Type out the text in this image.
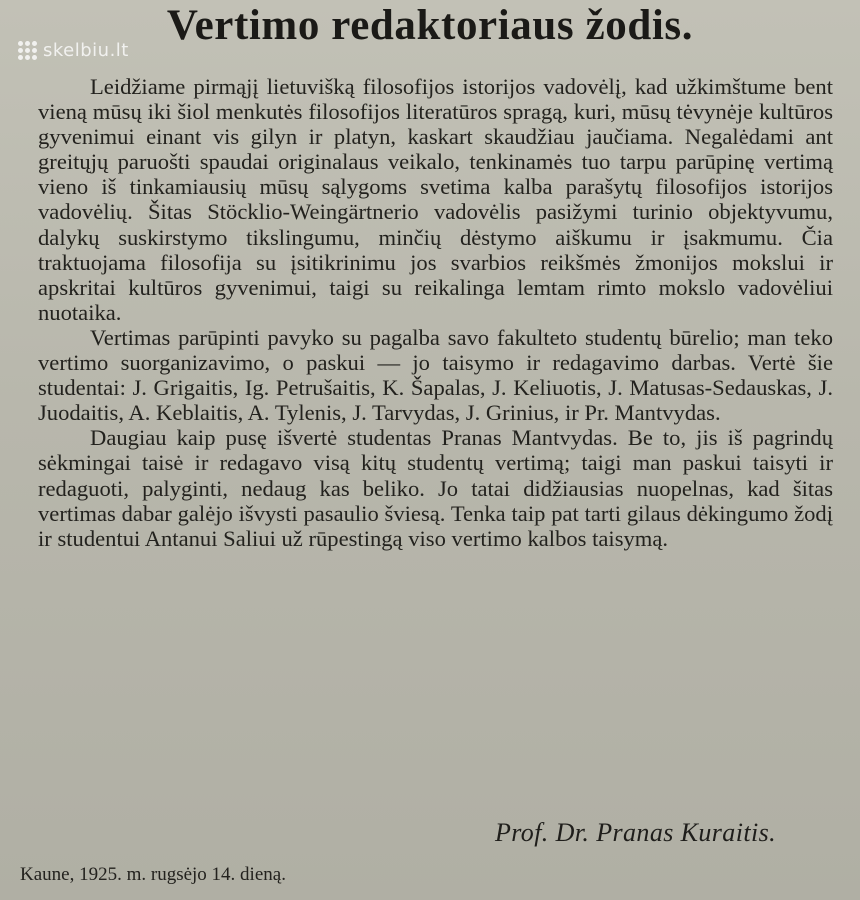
skelbiu.lt
Vertimo redaktoriaus žodis.

Leidžiame pirmąjį lietuvišką filosofijos istorijos vadovėlį, kad užkimštume bent vieną mūsų iki šiol menkutės filosofijos literatūros spragą, kuri, mūsų tėvynėje kultūros gyvenimui einant vis gilyn ir platyn, kaskart skaudžiau jaučiama. Negalėdami ant greitųjų paruošti spaudai originalaus veikalo, tenkinamės tuo tarpu parūpinę vertimą vieno iš tinkamiausių mūsų sąlygoms svetima kalba parašytų filosofijos istorijos vadovėlių. Šitas Stöcklio-Weingärtnerio vadovėlis pasižymi turinio objektyvumu, dalykų suskirstymo tikslingumu, minčių dėstymo aiškumu ir įsakmumu. Čia traktuojama filosofija su įsitikrinimu jos svarbios reikšmės žmonijos mokslui ir apskritai kultūros gyvenimui, taigi su reikalinga lemtam rimto mokslo vadovėliui nuotaika.

Vertimas parūpinti pavyko su pagalba savo fakulteto studentų būrelio; man teko vertimo suorganizavimo, o paskui — jo taisymo ir redagavimo darbas. Vertė šie studentai: J. Grigaitis, Ig. Petrušaitis, K. Šapalas, J. Keliuotis, J. Matusas-Sedauskas, J. Juodaitis, A. Keblaitis, A. Tylenis, J. Tarvydas, J. Grinius, ir Pr. Mantvydas.

Daugiau kaip pusę išvertė studentas Pranas Mantvydas. Be to, jis iš pagrindų sėkmingai taisė ir redagavo visą kitų studentų vertimą; taigi man paskui taisyti ir redaguoti, palyginti, nedaug kas beliko. Jo tatai didžiausias nuopelnas, kad šitas vertimas dabar galėjo išvysti pasaulio šviesą. Tenka taip pat tarti gilaus dėkingumo žodį ir studentui Antanui Saliui už rūpestingą viso vertimo kalbos taisymą.

Prof. Dr. Pranas Kuraitis.
Kaune, 1925. m. rugsėjo 14. dieną.
